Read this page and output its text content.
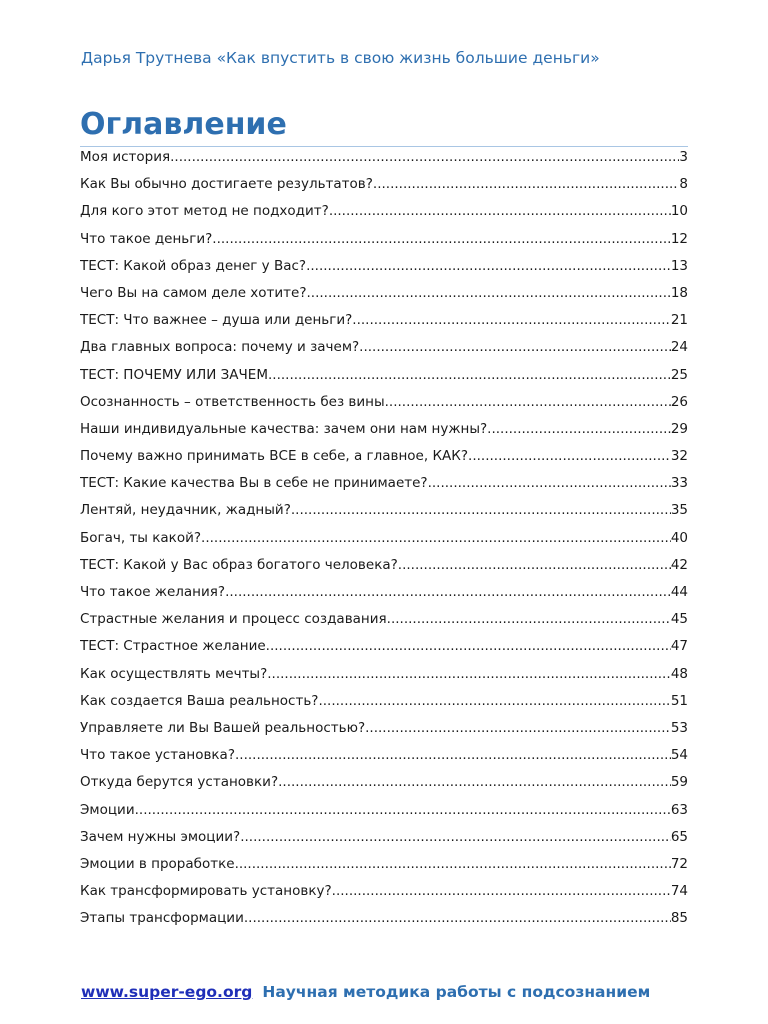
Дарья Трутнева «Как впустить в свою жизнь большие деньги»
Оглавление
Моя история .....	3
Как Вы обычно достигаете результатов? .....	8
Для кого этот метод не подходит? .....	10
Что такое деньги? .....	12
ТЕСТ: Какой образ денег у Вас? .....	13
Чего Вы на самом деле хотите? .....	18
ТЕСТ: Что важнее – душа или деньги? .....	21
Два главных вопроса: почему и зачем? .....	24
ТЕСТ: ПОЧЕМУ ИЛИ ЗАЧЕМ .....	25
Осознанность – ответственность без вины .....	26
Наши индивидуальные качества: зачем они нам нужны? .....	29
Почему важно принимать ВСЕ в себе, а главное, КАК? .....	32
ТЕСТ: Какие качества Вы в себе не принимаете? .....	33
Лентяй, неудачник, жадный? .....	35
Богач, ты какой? .....	40
ТЕСТ: Какой у Вас образ богатого человека? .....	42
Что такое желания? .....	44
Страстные желания и процесс создавания .....	45
ТЕСТ: Страстное желание .....	47
Как осуществлять мечты? .....	48
Как создается Ваша реальность? .....	51
Управляете ли Вы Вашей реальностью? .....	53
Что такое установка? .....	54
Откуда берутся установки? .....	59
Эмоции .....	63
Зачем нужны эмоции? .....	65
Эмоции в проработке .....	72
Как трансформировать установку? .....	74
Этапы трансформации .....	85
www.super-ego.org Научная методика работы с подсознанием
